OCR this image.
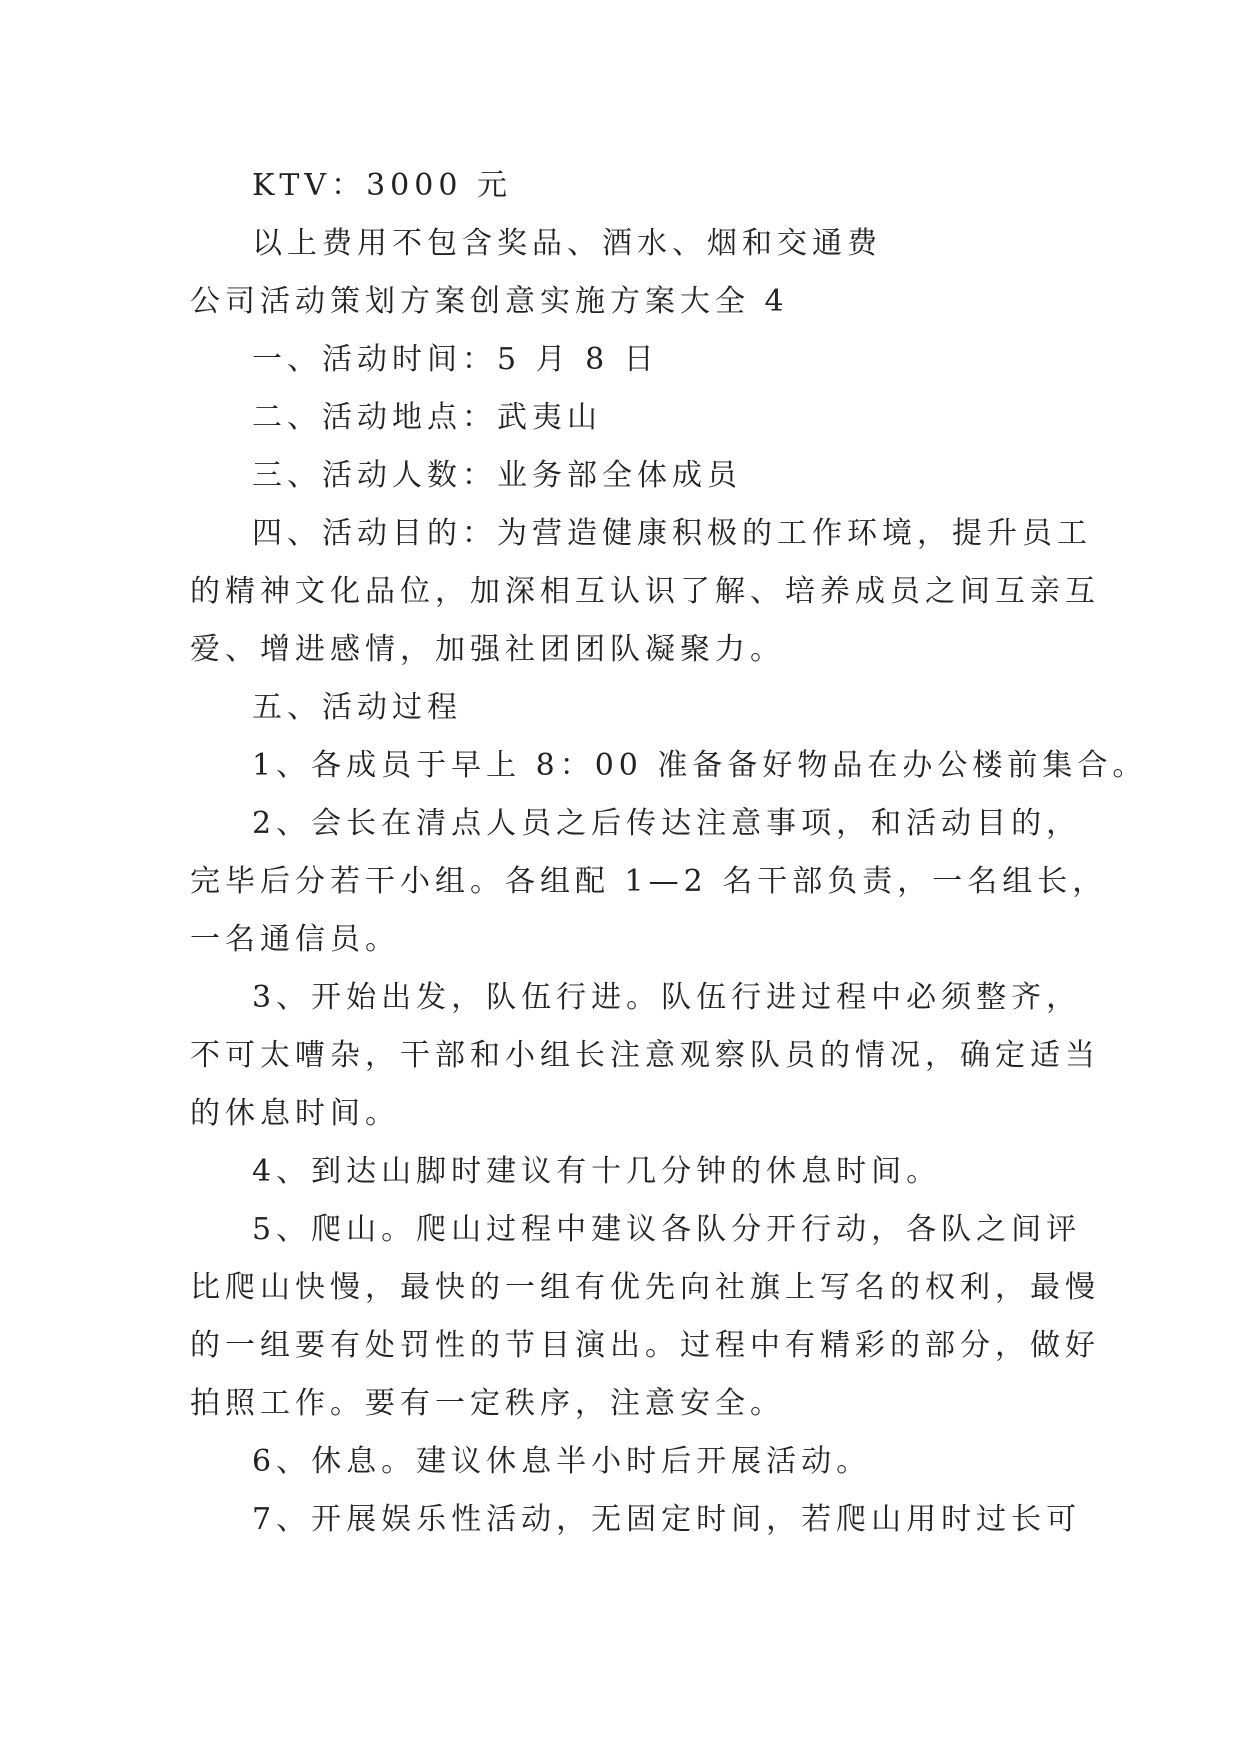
KTV：3000 元
以上费用不包含奖品、酒水、烟和交通费
公司活动策划方案创意实施方案大全 4
一、活动时间：5 月 8 日
二、活动地点：武夷山
三、活动人数：业务部全体成员
四、活动目的：为营造健康积极的工作环境，提升员工
的精神文化品位，加深相互认识了解、培养成员之间互亲互
爱、增进感情，加强社团团队凝聚力。
五、活动过程
1、各成员于早上 8：00 准备备好物品在办公楼前集合。
2、会长在清点人员之后传达注意事项，和活动目的，
完毕后分若干小组。各组配 1—2 名干部负责，一名组长，
一名通信员。
3、开始出发，队伍行进。队伍行进过程中必须整齐，
不可太嘈杂，干部和小组长注意观察队员的情况，确定适当
的休息时间。
4、到达山脚时建议有十几分钟的休息时间。
5、爬山。爬山过程中建议各队分开行动，各队之间评
比爬山快慢，最快的一组有优先向社旗上写名的权利，最慢
的一组要有处罚性的节目演出。过程中有精彩的部分，做好
拍照工作。要有一定秩序，注意安全。
6、休息。建议休息半小时后开展活动。
7、开展娱乐性活动，无固定时间，若爬山用时过长可
